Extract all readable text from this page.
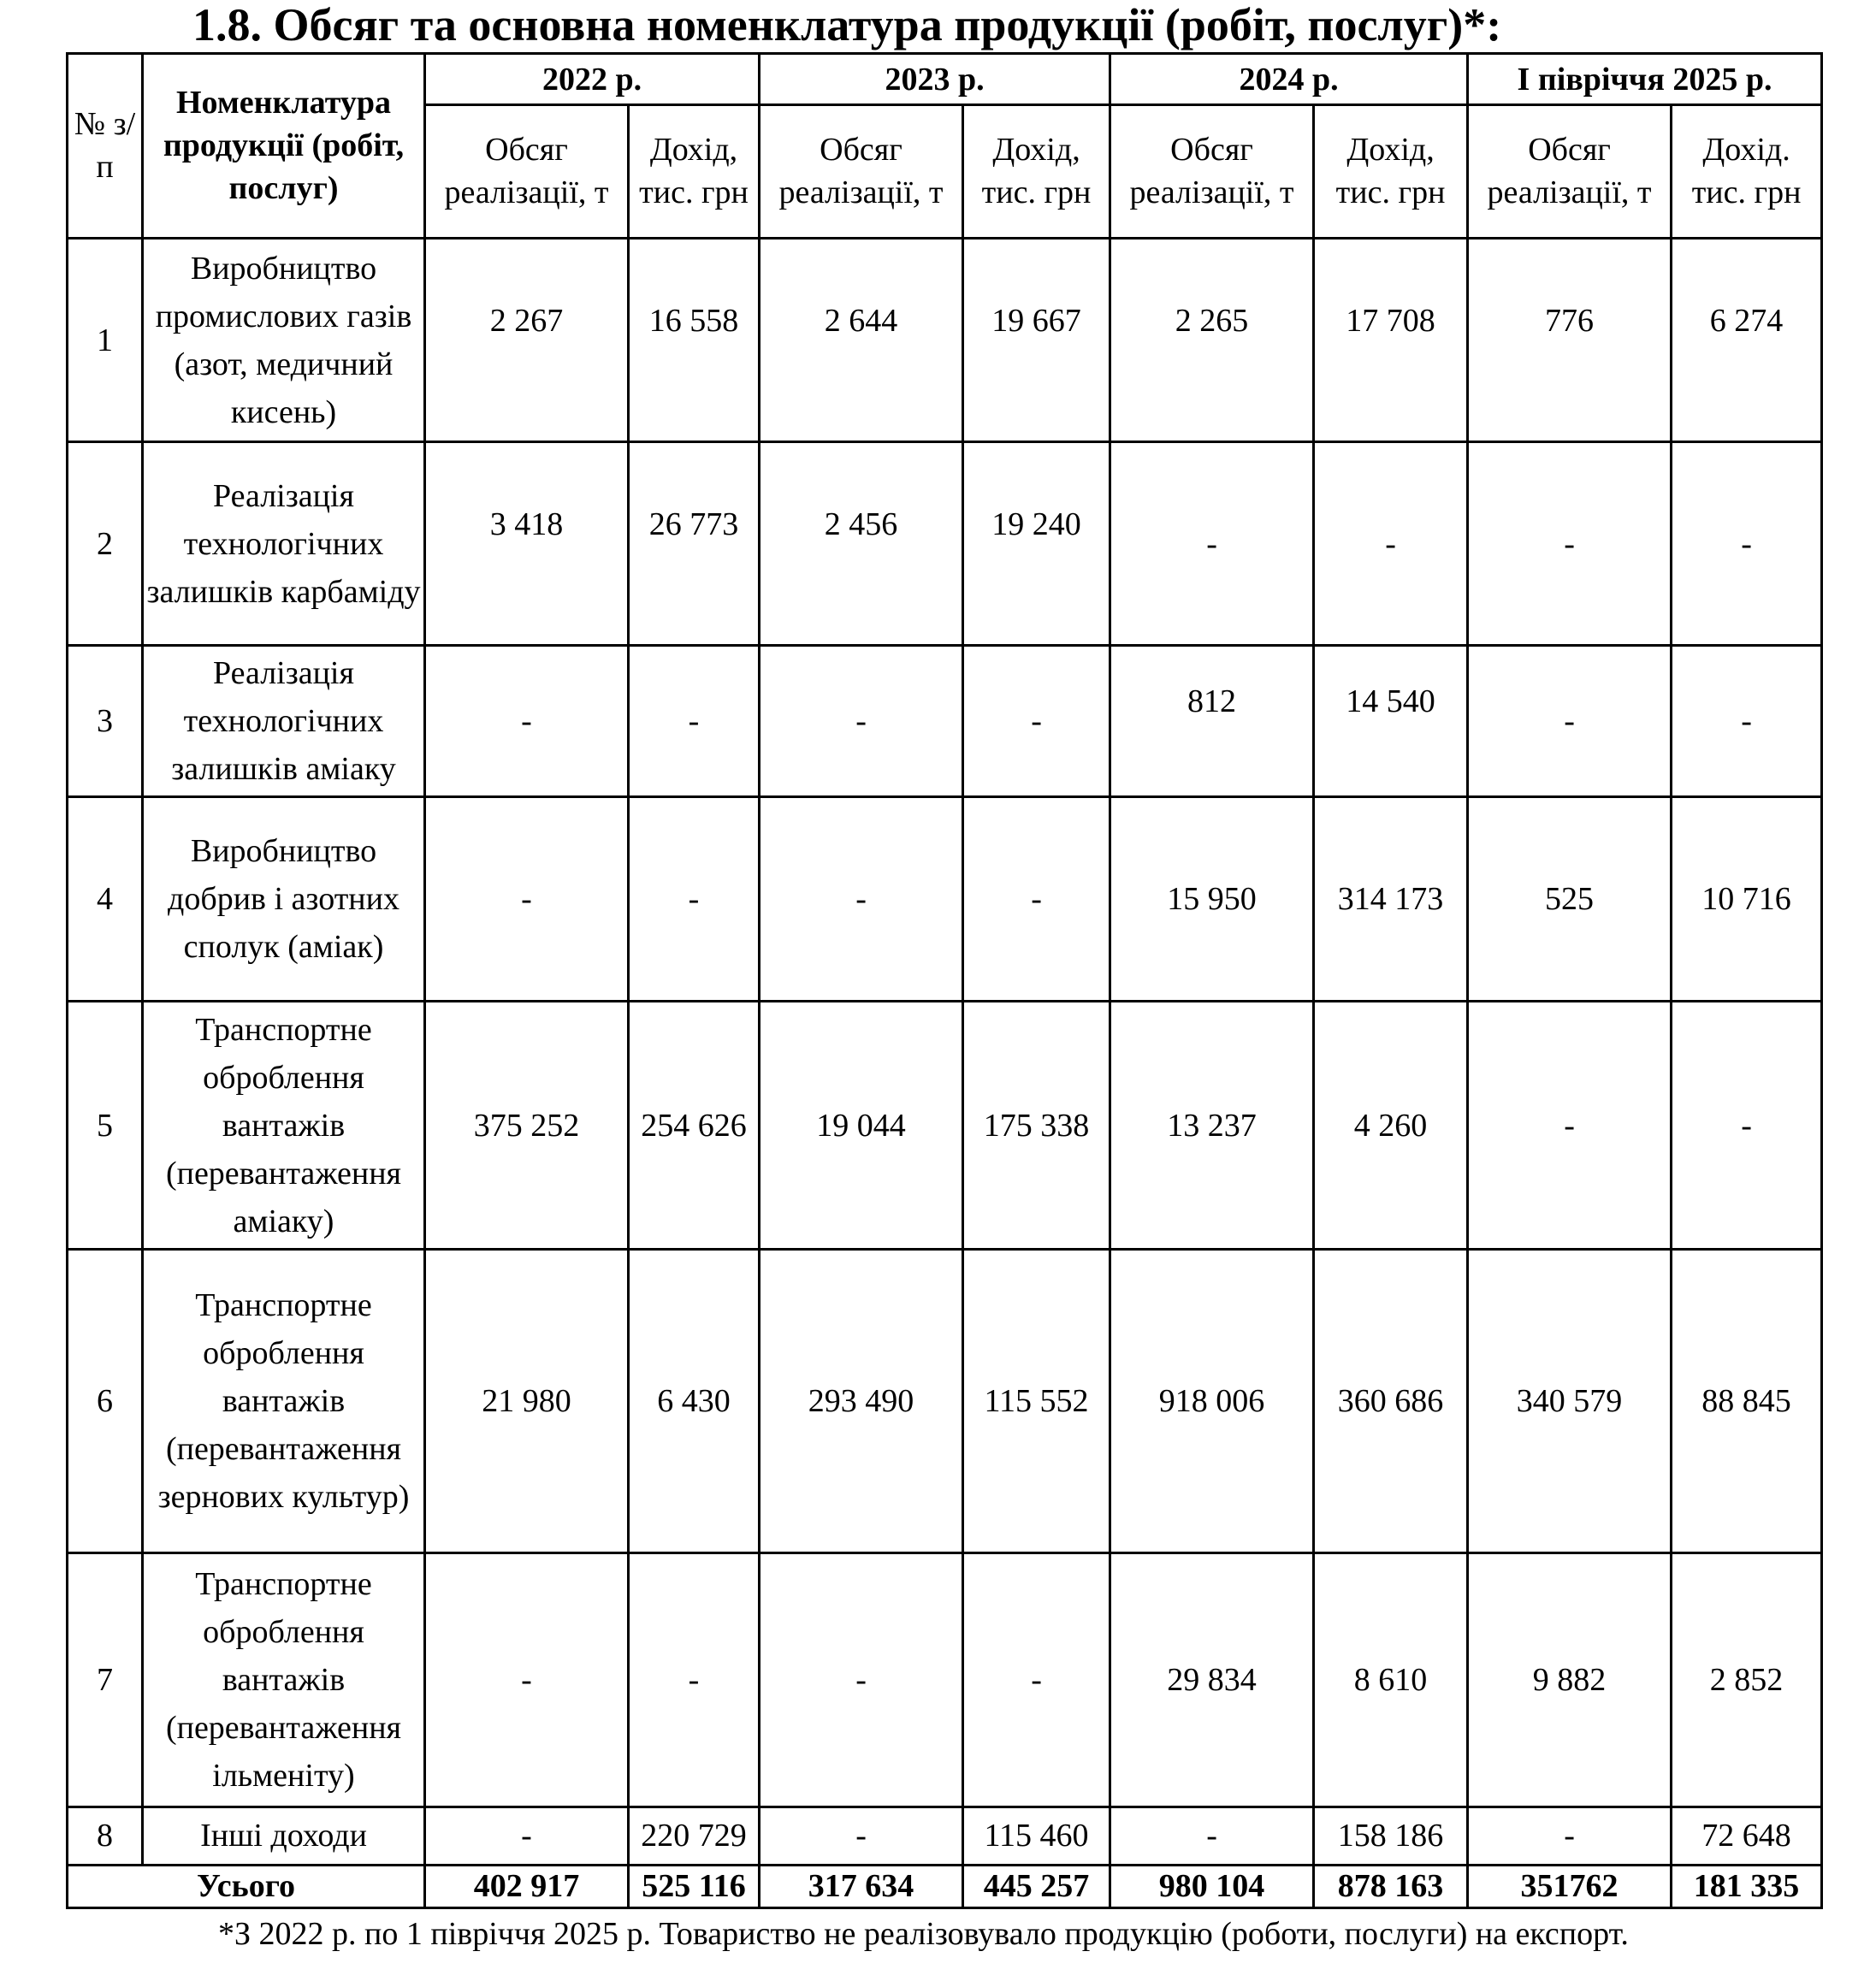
1.8. Обсяг та основна номенклатура продукції (робіт, послуг)*:
№ з/п	Номенклатура продукції (робіт, послуг)	2022 р.		2023 р.		2024 р.		І півріччя 2025 р.	
		Обсяг реалізації, т	Дохід, тис. грн	Обсяг реалізації, т	Дохід, тис. грн	Обсяг реалізації, т	Дохід, тис. грн	Обсяг реалізації, т	Дохід. тис. грн
1	Виробництво промислових газів (азот, медичний кисень)	2 267	16 558	2 644	19 667	2 265	17 708	776	6 274
2	Реалізація технологічних залишків карбаміду	3 418	26 773	2 456	19 240	-	-	-	-
3	Реалізація технологічних залишків аміаку	-	-	-	-	812	14 540	-	-
4	Виробництво добрив і азотних сполук (аміак)	-	-	-	-	15 950	314 173	525	10 716
5	Транспортне оброблення вантажів (перевантаження аміаку)	375 252	254 626	19 044	175 338	13 237	4 260	-	-
6	Транспортне оброблення вантажів (перевантаження зернових культур)	21 980	6 430	293 490	115 552	918 006	360 686	340 579	88 845
7	Транспортне оброблення вантажів (перевантаження ільменіту)	-	-	-	-	29 834	8 610	9 882	2 852
8	Інші доходи	-	220 729	-	115 460	-	158 186	-	72 648
Усього		402 917	525 116	317 634	445 257	980 104	878 163	351762	181 335
*З 2022 р. по 1 півріччя 2025 р. Товариство не реалізовувало продукцію (роботи, послуги) на експорт.
